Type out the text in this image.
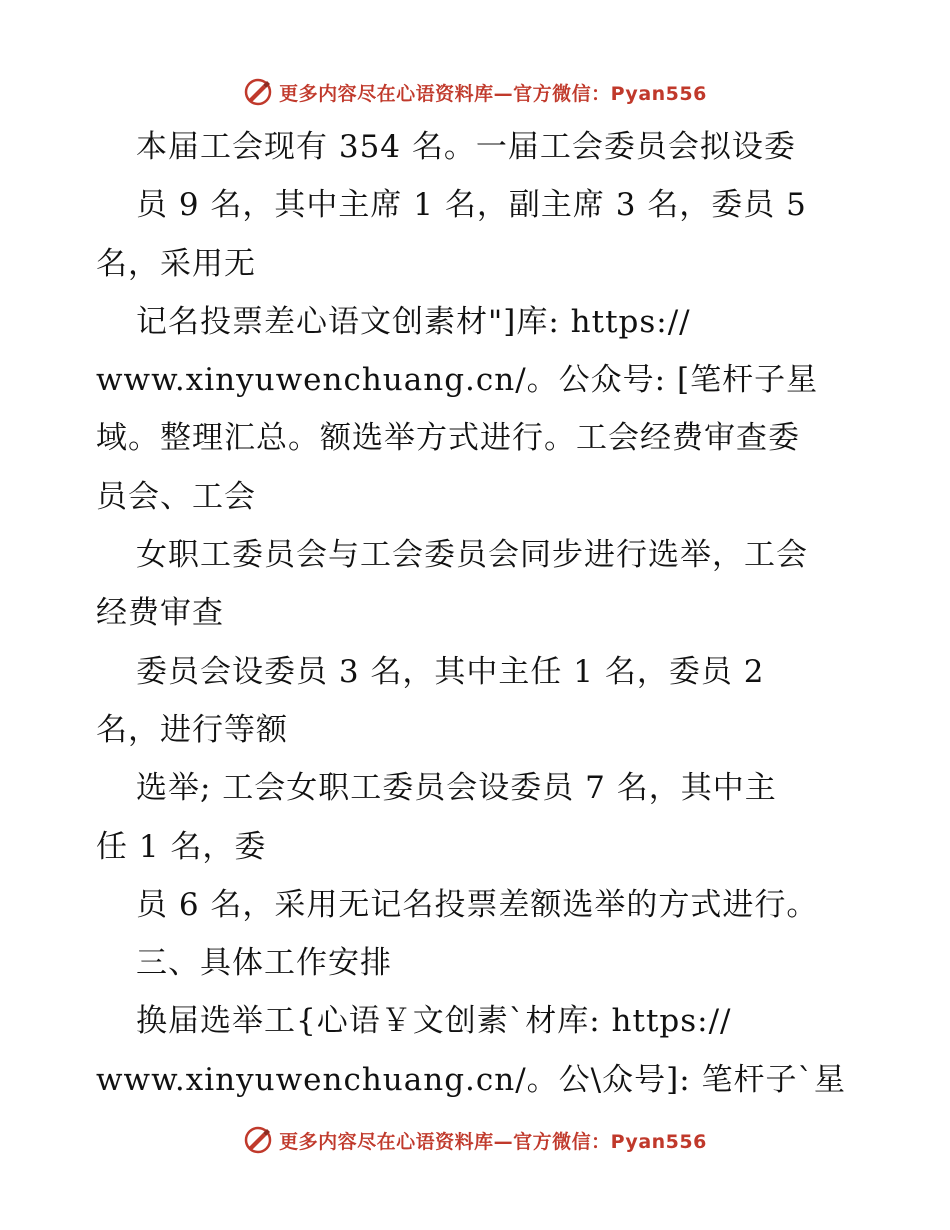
更多内容尽在心语资料库—官方微信：Pyan556
本届工会现有 354 名。一届工会委员会拟设委
员 9 名，其中主席 1 名，副主席 3 名，委员 5
名，采用无
记名投票差心语文创素材"]库: https://
www.xinyuwenchuang.cn/。公众号: [笔杆子星
域。整理汇总。额选举方式进行。工会经费审查委
员会、工会
女职工委员会与工会委员会同步进行选举，工会
经费审查
委员会设委员 3 名，其中主任 1 名，委员 2
名，进行等额
选举; 工会女职工委员会设委员 7 名，其中主
任 1 名，委
员 6 名，采用无记名投票差额选举的方式进行。
三、具体工作安排
换届选举工{心语￥文创素`材库: https://
www.xinyuwenchuang.cn/。公\众号]: 笔杆子`星
更多内容尽在心语资料库—官方微信：Pyan556
